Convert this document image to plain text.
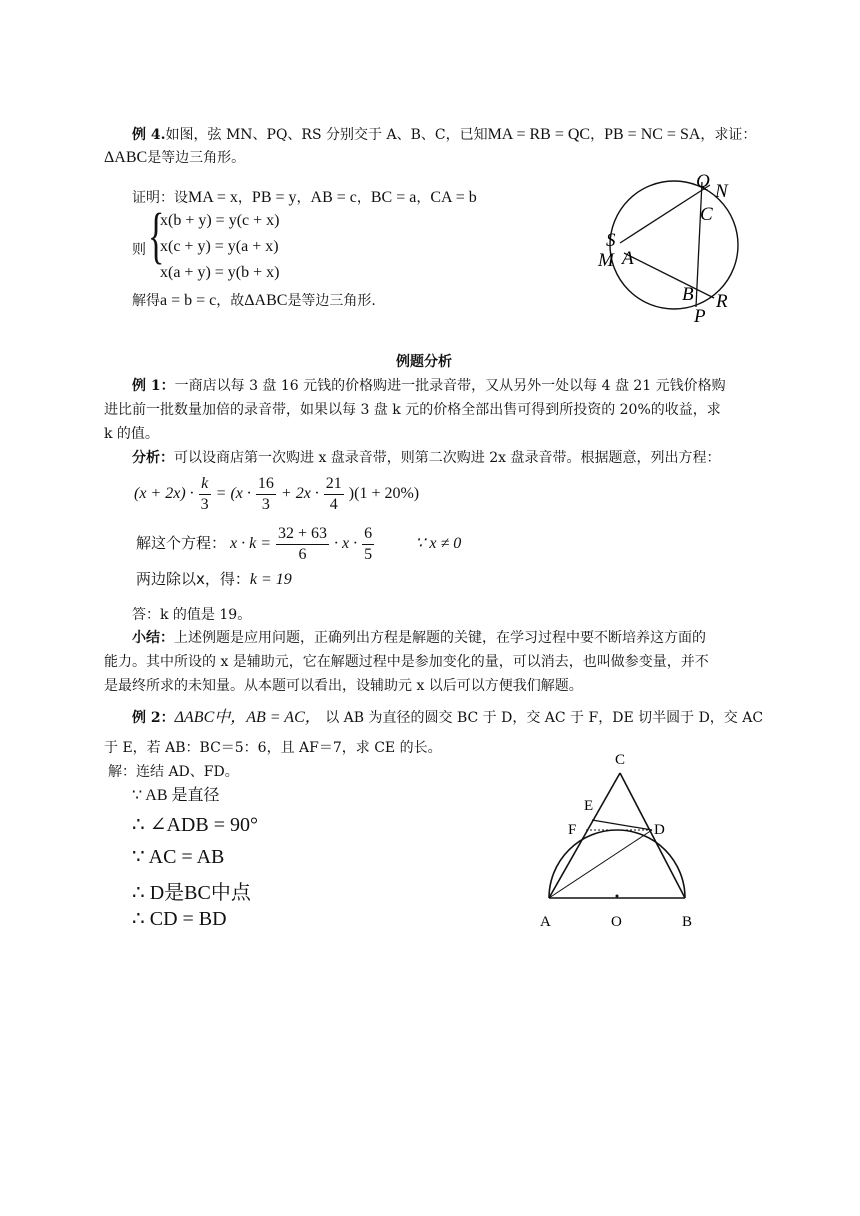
例 4.如图，弦 MN、PQ、RS 分别交于 A、B、C，已知MA = RB = QC，PB = NC = SA，求证：
ΔABC是等边三角形。
证明：设MA = x，PB = y，AB = c，BC = a，CA = b
则 {
x(b + y) = y(c + x)
x(c + y) = y(a + x)
x(a + y) = y(b + x)
解得a = b = c，故ΔABC是等边三角形.
Q N
C
S
M A
B R
P
例题分析
例 1：一商店以每 3 盘 16 元钱的价格购进一批录音带，又从另外一处以每 4 盘 21 元钱价格购
进比前一批数量加倍的录音带，如果以每 3 盘 k 元的价格全部出售可得到所投资的 20%的收益，求
k 的值。
分析：可以设商店第一次购进 x 盘录音带，则第二次购进 2x 盘录音带。根据题意，列出方程：
$(x + 2x) \cdot \frac{k}{3} = (x \cdot \frac{16}{3} + 2x \cdot \frac{21}{4} )(1 + 20\%)$
解这个方程： $x \cdot k = \frac{32 + 63}{6} \cdot x \cdot \frac{6}{5}$	∵ x ≠ 0
两边除以x，得：k = 19
答：k 的值是 19。
小结：上述例题是应用问题，正确列出方程是解题的关键，在学习过程中要不断培养这方面的
能力。其中所设的 x 是辅助元，它在解题过程中是参加变化的量，可以消去，也叫做参变量，并不
是最终所求的未知量。从本题可以看出，设辅助元 x 以后可以方便我们解题。
例 2：ΔABC中，AB = AC， 以 AB 为直径的圆交 BC 于 D，交 AC 于 F，DE 切半圆于 D，交 AC
于 E，若 AB：BC＝5：6，且 AF＝7，求 CE 的长。
解：连结 AD、FD。
∵ AB 是直径
∴ ∠ADB = 90°
∵ AC = AB
∴ D是BC中点
∴ CD = BD
C
E
F	D
A	O	B
